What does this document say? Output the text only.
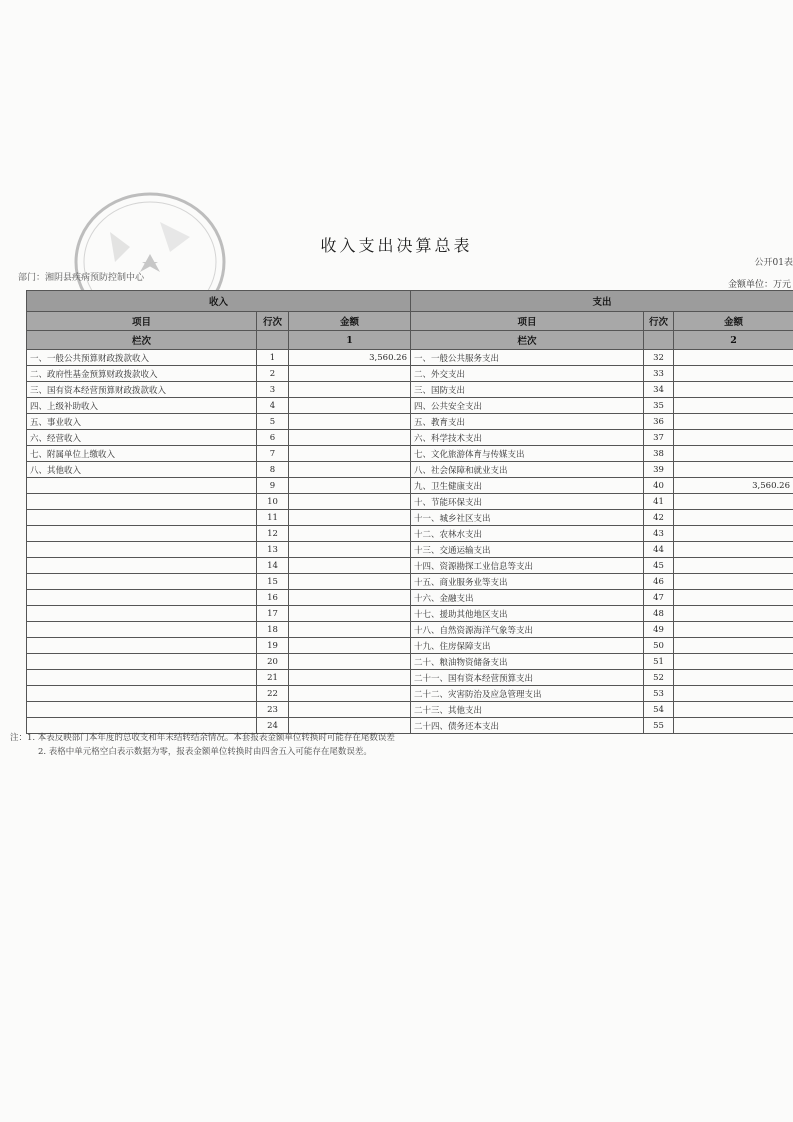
收入支出决算总表
公开01表
部门：湘阴县疾病预防控制中心
金额单位：万元
收入			支出		
项目	行次	金额	项目	行次	金额
栏次		1	栏次		2
一、一般公共预算财政拨款收入	1	3,560.26	一、一般公共服务支出	32	
二、政府性基金预算财政拨款收入	2		二、外交支出	33	
三、国有资本经营预算财政拨款收入	3		三、国防支出	34	
四、上级补助收入	4		四、公共安全支出	35	
五、事业收入	5		五、教育支出	36	
六、经营收入	6		六、科学技术支出	37	
七、附属单位上缴收入	7		七、文化旅游体育与传媒支出	38	
八、其他收入	8		八、社会保障和就业支出	39	
	9		九、卫生健康支出	40	3,560.26
	10		十、节能环保支出	41	
	11		十一、城乡社区支出	42	
	12		十二、农林水支出	43	
	13		十三、交通运输支出	44	
	14		十四、资源勘探工业信息等支出	45	
	15		十五、商业服务业等支出	46	
	16		十六、金融支出	47	
	17		十七、援助其他地区支出	48	
	18		十八、自然资源海洋气象等支出	49	
	19		十九、住房保障支出	50	
	20		二十、粮油物资储备支出	51	
	21		二十一、国有资本经营预算支出	52	
	22		二十二、灾害防治及应急管理支出	53	
	23		二十三、其他支出	54	
	24		二十四、债务还本支出	55	
注：1. 本表反映部门本年度的总收支和年末结转结余情况。本套报表金额单位转换时可能存在尾数误差
2. 表格中单元格空白表示数据为零，报表金额单位转换时由四舍五入可能存在尾数误差。
